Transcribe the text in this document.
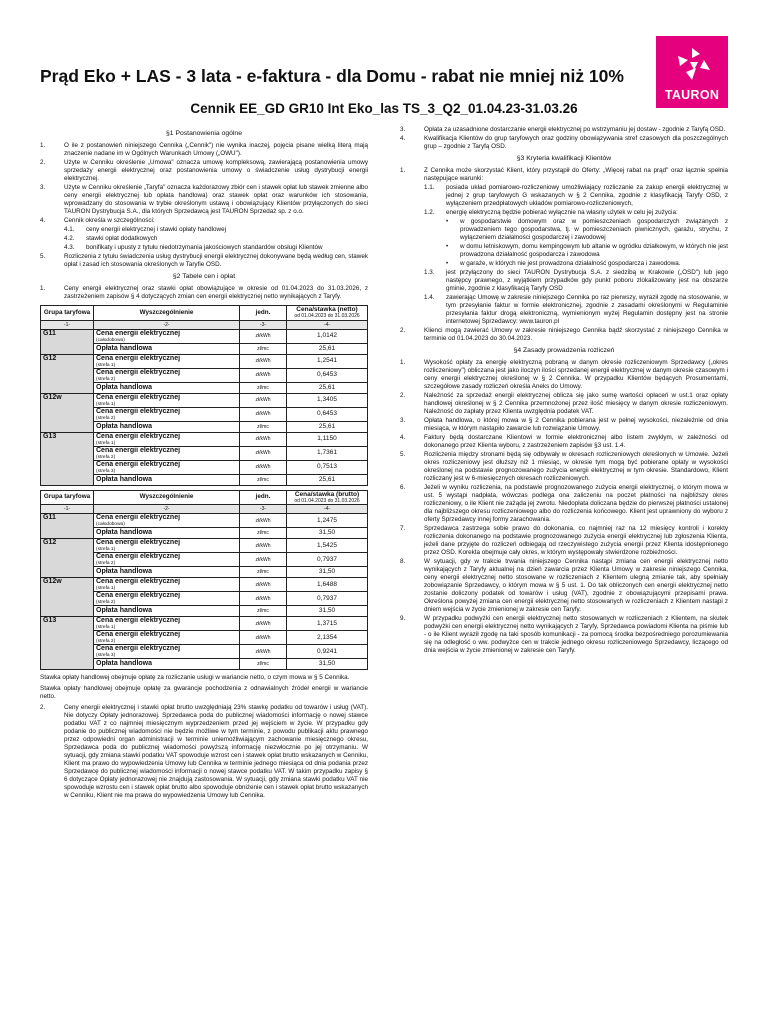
Prąd Eko + LAS - 3 lata - e-faktura - dla Domu - rabat nie mniej niż 10%
TAURON
Cennik EE_GD GR10 Int Eko_las TS_3_Q2_01.04.23-31.03.26
§1 Postanowienia ogólne
1.	O ile z postanowień niniejszego Cennika („Cennik") nie wynika inaczej, pojęcia pisane wielką literą mają znaczenie nadane im w Ogólnych Warunkach Umowy („OWU").
2.	Użyte w Cenniku określenie „Umowa" oznacza umowę kompleksową, zawierającą postanowienia umowy sprzedaży energii elektrycznej oraz postanowienia umowy o świadczenie usług dystrybucji energii elektrycznej.
3.	Użyte w Cenniku określenie „Taryfa" oznacza każdorazowy zbiór cen i stawek opłat lub stawek zmienne albo ceny energii elektrycznej lub opłata handlowa) oraz stawek opłat oraz warunków ich stosowania, wprowadzany do stosowania w trybie określonym ustawą i obowiązujący Klientów przyłączonych do sieci TAURON Dystrybucja S.A., dla których Sprzedawcą jest TAURON Sprzedaż sp. z o.o.
4.	Cennik określa w szczególności:
4.1.	ceny energii elektrycznej i stawki opłaty handlowej
4.2.	stawki opłat dodatkowych
4.3.	bonifikaty i upusty z tytułu niedotrzymania jakościowych standardów obsługi Klientów
5.	Rozliczenia z tytułu świadczenia usług dystrybucji energii elektrycznej dokonywane będą według cen, stawek opłat i zasad ich stosowania określonych w Taryfie OSD.
§2 Tabele cen i opłat
1.	Ceny energii elektrycznej oraz stawki opłat obowiązujące w okresie od 01.04.2023 do 31.03.2026, z zastrzeżeniem zapisów § 4 dotyczących zmian cen energii elektrycznej netto wynikających z Taryfy.
Grupa taryfowa	Wyszczególnienie	jedn.	Cena/stawka (netto)
od 01.04.2023 do 31.03.2026

-1-	-2-	-3-	-4-
G11	Cena energii elektrycznej
(całodobowa)	zł/kWh	1,0142
	Opłata handlowa	zł/mc	25,61
G12	Cena energii elektrycznej
(strefa 1)	zł/kWh	1,2541
	Cena energii elektrycznej
(strefa 2)	zł/kWh	0,6453
	Opłata handlowa	zł/mc	25,61
G12w	Cena energii elektrycznej
(strefa 1)	zł/kWh	1,3405
	Cena energii elektrycznej
(strefa 2)	zł/kWh	0,6453
	Opłata handlowa	zł/mc	25,61
G13	Cena energii elektrycznej
(strefa 1)	zł/kWh	1,1150
	Cena energii elektrycznej
(strefa 2)	zł/kWh	1,7361
	Cena energii elektrycznej
(strefa 3)	zł/kWh	0,7513
	Opłata handlowa	zł/mc	25,61
Grupa taryfowa	Wyszczególnienie	jedn.	Cena/stawka (brutto)
od 01.04.2023 do 31.03.2026

-1-	-2-	-3-	-4-
G11	Cena energii elektrycznej
(całodobowa)	zł/kWh	1,2475
	Opłata handlowa	zł/mc	31,50
G12	Cena energii elektrycznej
(strefa 1)	zł/kWh	1,5425
	Cena energii elektrycznej
(strefa 2)	zł/kWh	0,7937
	Opłata handlowa	zł/mc	31,50
G12w	Cena energii elektrycznej
(strefa 1)	zł/kWh	1,6488
	Cena energii elektrycznej
(strefa 2)	zł/kWh	0,7937
	Opłata handlowa	zł/mc	31,50
G13	Cena energii elektrycznej
(strefa 1)	zł/kWh	1,3715
	Cena energii elektrycznej
(strefa 2)	zł/kWh	2,1354
	Cena energii elektrycznej
(strefa 3)	zł/kWh	0,9241
	Opłata handlowa	zł/mc	31,50
Stawka opłaty handlowej obejmuje opłatę za rozliczanie usługi w wariancie netto, o czym mowa w § 5 Cennika.
Stawka opłaty handlowej obejmuje opłatę za gwarancje pochodzenia z odnawialnych źródeł energii w wariancie netto.
2.	Ceny energii elektrycznej i stawki opłat brutto uwzględniają 23% stawkę podatku od towarów i usług (VAT). Nie dotyczy Opłaty jednorazowej. Sprzedawca poda do publicznej wiadomości informację o nowej stawce podatku VAT z co najmniej miesięcznym wyprzedzeniem przed jej wejściem w życie. W przypadku gdy podanie do publicznej wiadomości nie będzie możliwe w tym terminie, z powodu publikacji aktu prawnego przez odpowiedni organ administracji w terminie uniemożliwiającym zachowanie miesięcznego okresu, Sprzedawca poda do publicznej wiadomości powyższą informację niezwłocznie po jej otrzymaniu. W sytuacji, gdy zmiana stawki podatku VAT spowoduje wzrost cen i stawek opłat brutto wskazanych w Cenniku, Klient ma prawo do wypowiedzenia Umowy lub Cennika w terminie jednego miesiąca od dnia podania przez Sprzedawcę do publicznej wiadomości informacji o nowej stawce podatku VAT. W takim przypadku zapisy § 6 dotyczące Opłaty jednorazowej nie znajdują zastosowania. W sytuacji, gdy zmiana stawki podatku VAT nie spowoduje wzrostu cen i stawek opłat brutto albo spowoduje obniżenie cen i stawek opłat brutto wskazanych w Cenniku, Klient nie ma prawa do wypowiedzenia Umowy lub Cennika.
3.	Opłata za uzasadnione dostarczanie energii elektrycznej po wstrzymaniu jej dostaw - zgodnie z Taryfą OSD.
4.	Kwalifikacja Klientów do grup taryfowych oraz godziny obowiązywania stref czasowych dla poszczególnych grup – zgodnie z Taryfą OSD.
§3 Kryteria kwalifikacji Klientów
1.	Z Cennika może skorzystać Klient, który przystąpił do Oferty: „Więcej rabat na prąd" oraz łącznie spełnia następujące warunki:
1.1.	posiada układ pomiarowo-rozliczeniowy umożliwiający rozliczanie za zakup energii elektrycznej w jednej z grup taryfowych G wskazanych w § 2 Cennika, zgodnie z klasyfikacją Taryfy OSD, z wyłączeniem przedpłatowych układów pomiarowo-rozliczeniowych,
1.2.	energię elektryczną będzie pobierać wyłącznie na własny użytek w celu jej zużycia:
•	w gospodarstwie domowym oraz w pomieszczeniach gospodarczych związanych z prowadzeniem tego gospodarstwa, tj. w pomieszczeniach piwnicznych, garażu, strychu, z wyłączeniem działalności gospodarczej i zawodowej
•	w domu letniskowym, domu kempingowym lub altanie w ogródku działkowym, w których nie jest prowadzona działalność gospodarcza i zawodowa
•	w garaże, w których nie jest prowadzona działalność gospodarcza i zawodowa.
1.3.	jest przyłączony do sieci TAURON Dystrybucja S.A. z siedzibą w Krakowie („OSD") lub jego następcy prawnego, z wyjątkiem przypadków gdy punkt poboru zlokalizowany jest na obszarze gminie, zgodnie z klasyfikacją Taryfy OSD
1.4.	zawierając Umowę w zakresie niniejszego Cennika po raz pierwszy, wyraził zgodę na stosowanie, w tym przesyłanie faktur w formie elektronicznej, zgodnie z zasadami określonymi w Regulaminie przesyłania faktur drogą elektroniczną, wymienionym wyżej Regulamin dostępny jest na stronie internetowej Sprzedawcy: www.tauron.pl
2.	Klienci mogą zawierać Umowy w zakresie niniejszego Cennika bądź skorzystać z niniejszego Cennika w terminie od 01.04.2023 do 30.04.2023.
§4 Zasady prowadzenia rozliczeń
1.	Wysokość opłaty za energię elektryczną pobraną w danym okresie rozliczeniowym Sprzedawcy („okres rozliczeniowy") obliczana jest jako iloczyn ilości sprzedanej energii elektrycznej w danym okresie czasowym i ceny energii elektrycznej określonej w § 2 Cennika. W przypadku Klientów będących Prosumentami, szczegółowe zasady rozliczeń określa Aneks do Umowy.
2.	Należność za sprzedaż energii elektrycznej oblicza się jako sumę wartości opłaceń w ust.1 oraz opłaty handlowej określonej w § 2 Cennika przemnożonej przez ilość miesięcy w danym okresie rozliczeniowym. Należność do zapłaty przez Klienta uwzględnia podatek VAT.
3.	Opłata handlowa, o której mowa w § 2 Cennika pobierana jest w pełnej wysokości, niezależnie od dnia miesiąca, w którym nastąpiło zawarcie lub rozwiązanie Umowy.
4.	Faktury będą dostarczane Klientowi w formie elektronicznej albo listem zwykłym, w zależności od dokonanego przez Klienta wyboru, z zastrzeżeniem zapisów §3 ust. 1.4.
5.	Rozliczenia między stronami będą się odbywały w okresach rozliczeniowych określonych w Umowie. Jeżeli okres rozliczeniowy jest dłuższy niż 1 miesiąc, w okresie tym mogą być pobierane opłaty w wysokości określonej na podstawie prognozowanego zużycia energii elektrycznej w tym okresie. Standardowo, Klient rozliczany jest w 6-miesięcznych okresach rozliczeniowych.
6.	Jeżeli w wyniku rozliczenia, na podstawie prognozowanego zużycia energii elektrycznej, o którym mowa w ust. 5 wystąpi nadpłata, wówczas podlega ona zaliczeniu na poczet płatności na najbliższy okres rozliczeniowy, o ile Klient nie zażąda jej zwrotu. Niedopłata doliczana będzie do pierwszej płatności ustalonej dla najbliższego okresu rozliczeniowego albo do rozliczenia końcowego. Klient jest uprawniony do wyboru z oferty Sprzedawcy innej formy zarachowania.
7.	Sprzedawca zastrzega sobie prawo do dokonania, co najmniej raz na 12 miesięcy kontroli i korekty rozliczenia dokonanego na podstawie prognozowanego zużycia energii elektrycznej lub zgłoszenia Klienta, jeżeli dane przyjęte do rozliczeń odbiegają od rzeczywistego zużycia energii przez Klienta idostępnionego przez OSD. Korekta obejmuje cały okres, w którym występowały stwierdzone rozbieżności.
8.	W sytuacji, gdy w trakcie trwania niniejszego Cennika nastąpi zmiana cen energii elektrycznej netto wynikających z Taryfy aktualnej na dzień zawarcia przez Klienta Umowy w zakresie niniejszego Cennika, ceny energii elektrycznej netto stosowane w rozliczeniach z Klientem ulegną zmianie tak, aby spełniały zobowiązanie Sprzedawcy, o którym mowa w § 5 ust. 1. Do tak obliczonych cen energii elektrycznej netto zostanie doliczony podatek od towarów i usług (VAT), zgodnie z obowiązującymi przepisami prawa. Określona powyżej zmiana cen energii elektrycznej netto stosowanych w rozliczeniach z Klientem nastąpi z dniem wejścia w życie zmienionej w zakresie cen Taryfy.
9.	W przypadku podwyżki cen energii elektrycznej netto stosowanych w rozliczeniach z Klientem, na skutek podwyżki cen energii elektrycznej netto wynikających z Taryfy, Sprzedawca powiadomi Klienta na piśmie lub - o ile Klient wyraził zgodę na taki sposób komunikacji - za pomocą środka bezpośredniego porozumiewania się na odległość o ww. podwyżce cen w trakcie jednego okresu rozliczeniowego Sprzedawcy, liczącego od dnia wejścia w życie zmienionej w zakresie cen Taryfy.
